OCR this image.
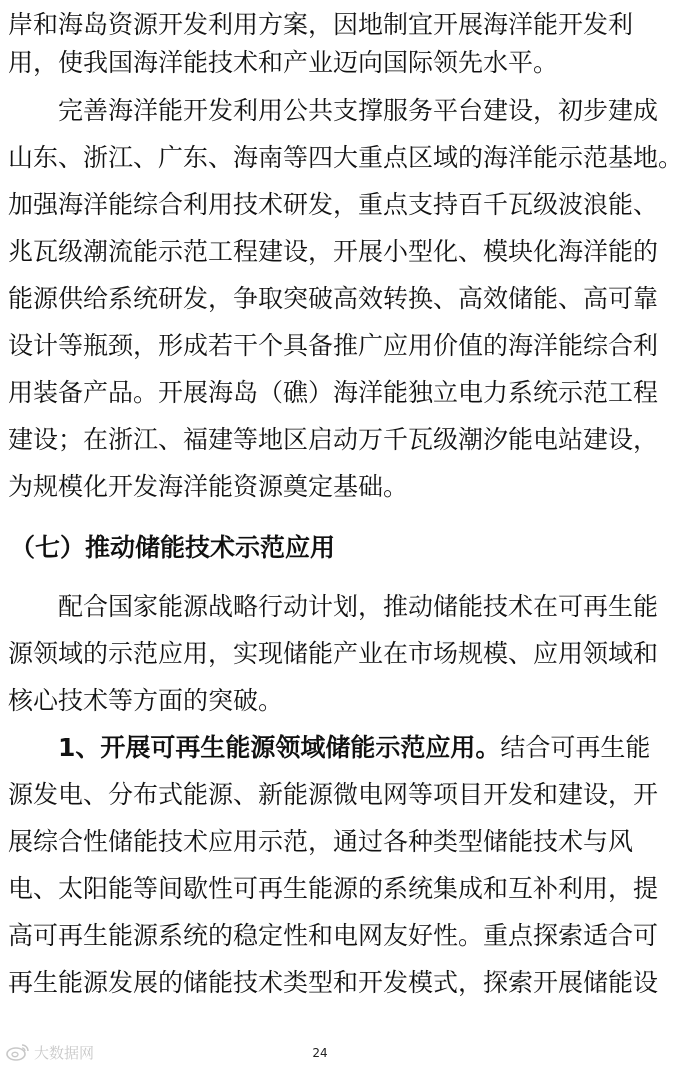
岸和海岛资源开发利用方案，因地制宜开展海洋能开发利
用，使我国海洋能技术和产业迈向国际领先水平。
　　完善海洋能开发利用公共支撑服务平台建设，初步建成
山东、浙江、广东、海南等四大重点区域的海洋能示范基地。
加强海洋能综合利用技术研发，重点支持百千瓦级波浪能、
兆瓦级潮流能示范工程建设，开展小型化、模块化海洋能的
能源供给系统研发，争取突破高效转换、高效储能、高可靠
设计等瓶颈，形成若干个具备推广应用价值的海洋能综合利
用装备产品。开展海岛（礁）海洋能独立电力系统示范工程
建设；在浙江、福建等地区启动万千瓦级潮汐能电站建设，
为规模化开发海洋能资源奠定基础。
（七）推动储能技术示范应用
　　配合国家能源战略行动计划，推动储能技术在可再生能
源领域的示范应用，实现储能产业在市场规模、应用领域和
核心技术等方面的突破。
　　1、开展可再生能源领域储能示范应用。结合可再生能
源发电、分布式能源、新能源微电网等项目开发和建设，开
展综合性储能技术应用示范，通过各种类型储能技术与风
电、太阳能等间歇性可再生能源的系统集成和互补利用，提
高可再生能源系统的稳定性和电网友好性。重点探索适合可
再生能源发展的储能技术类型和开发模式，探索开展储能设
大数据网	24
